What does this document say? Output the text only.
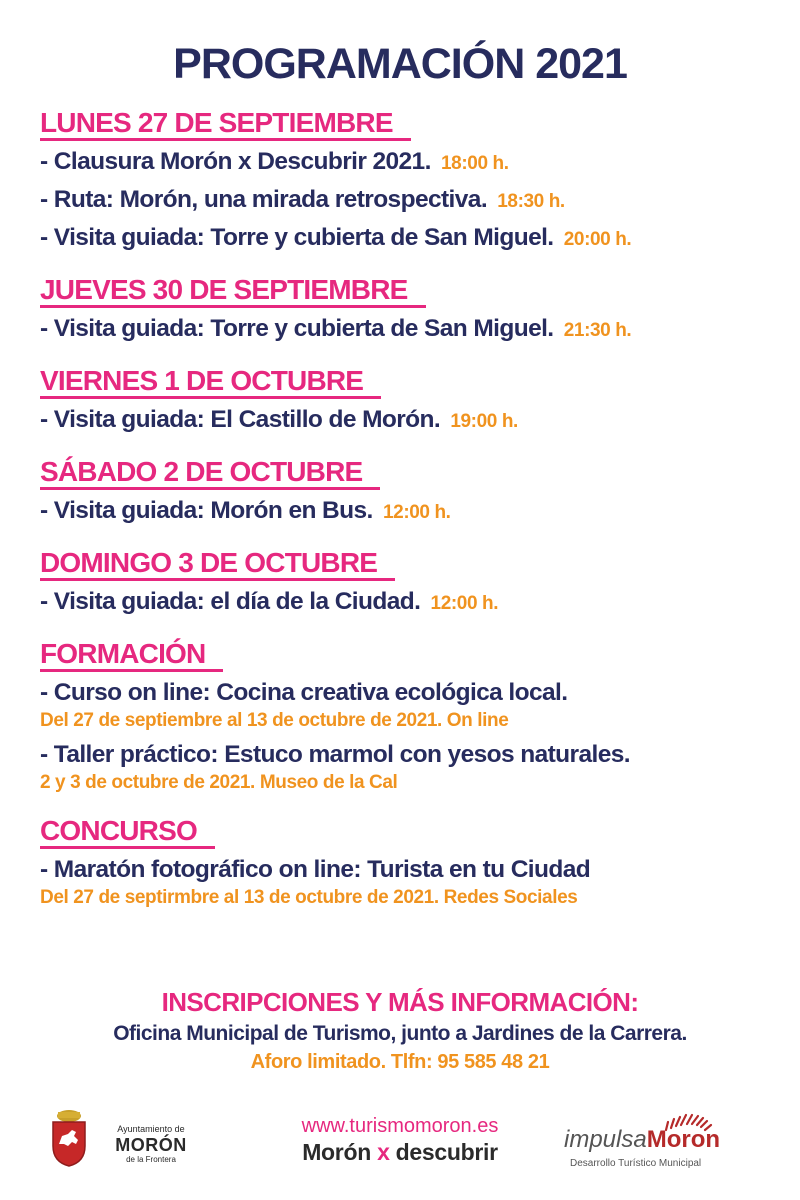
PROGRAMACIÓN 2021
LUNES 27 DE SEPTIEMBRE
- Clausura Morón x Descubrir 2021. 18:00 h.
- Ruta: Morón, una mirada retrospectiva. 18:30 h.
- Visita guiada: Torre y cubierta de San Miguel. 20:00 h.
JUEVES 30 DE SEPTIEMBRE
- Visita guiada: Torre y cubierta de San Miguel. 21:30 h.
VIERNES 1 DE OCTUBRE
- Visita guiada: El Castillo de Morón. 19:00 h.
SÁBADO 2 DE OCTUBRE
- Visita guiada: Morón en Bus. 12:00 h.
DOMINGO 3 DE OCTUBRE
- Visita guiada: el día de la Ciudad. 12:00 h.
FORMACIÓN
- Curso on line: Cocina creativa ecológica local.
Del 27 de septiembre al 13 de octubre de 2021. On line
- Taller práctico: Estuco marmol con yesos naturales.
2 y 3 de octubre de 2021. Museo de la Cal
CONCURSO
- Maratón fotográfico on line: Turista en tu Ciudad
Del 27 de septirmbre al 13 de octubre de 2021. Redes Sociales
INSCRIPCIONES Y MÁS INFORMACIÓN:
Oficina Municipal de Turismo, junto a Jardines de la Carrera.
Aforo limitado. Tlfn: 95 585 48 21
Ayuntamiento de
MORÓN
de la Frontera
www.turismomoron.es
Morón x descubrir	impulsaMoron
Desarrollo Turístico Municipal
